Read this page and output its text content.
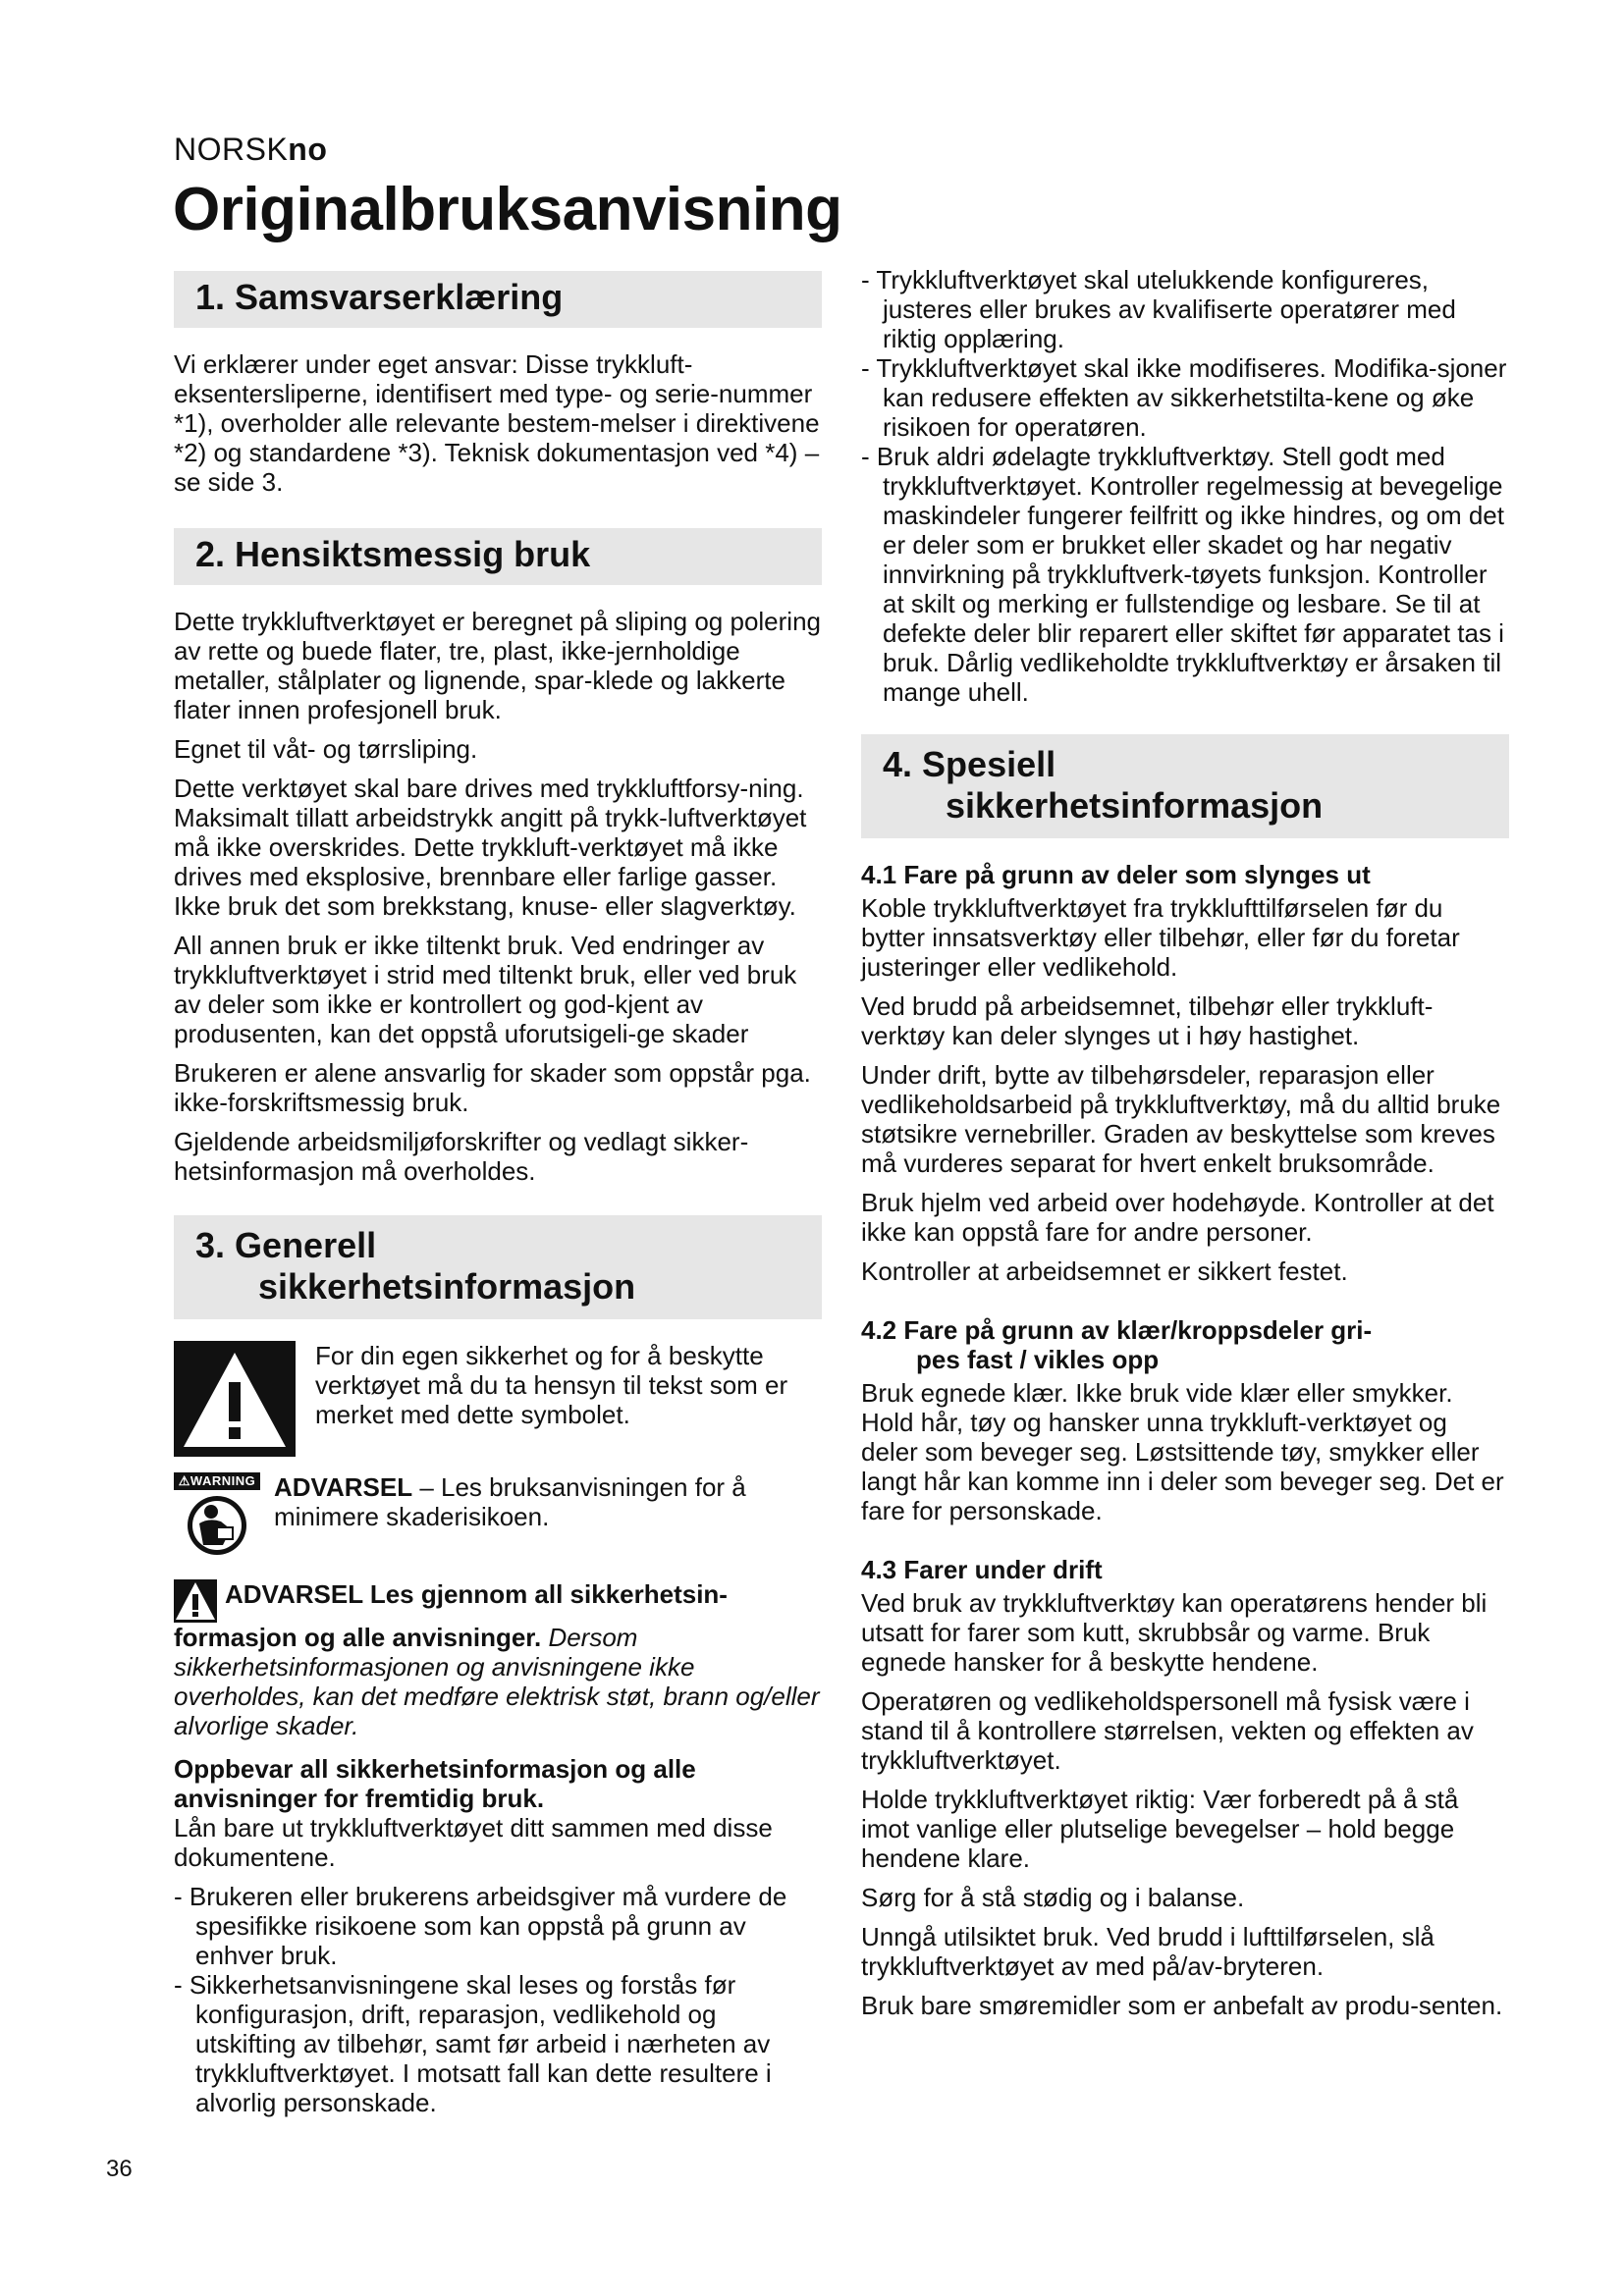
NORSKno
Originalbruksanvisning
1. Samsvarserklæring

Vi erklærer under eget ansvar: Disse trykkluft-eksentersliperne, identifisert med type- og serie-nummer *1), overholder alle relevante bestem-melser i direktivene *2) og standardene *3). Teknisk dokumentasjon ved *4) – se side 3.

2. Hensiktsmessig bruk

Dette trykkluftverktøyet er beregnet på sliping og polering av rette og buede flater, tre, plast, ikke-jernholdige metaller, stålplater og lignende, spar-klede og lakkerte flater innen profesjonell bruk.

Egnet til våt- og tørrsliping.

Dette verktøyet skal bare drives med trykkluftforsy-ning. Maksimalt tillatt arbeidstrykk angitt på trykk-luftverktøyet må ikke overskrides. Dette trykkluft-verktøyet må ikke drives med eksplosive, brennbare eller farlige gasser. Ikke bruk det som brekkstang, knuse- eller slagverktøy.

All annen bruk er ikke tiltenkt bruk. Ved endringer av trykkluftverktøyet i strid med tiltenkt bruk, eller ved bruk av deler som ikke er kontrollert og god-kjent av produsenten, kan det oppstå uforutsigeli-ge skader

Brukeren er alene ansvarlig for skader som oppstår pga. ikke-forskriftsmessig bruk.

Gjeldende arbeidsmiljøforskrifter og vedlagt sikker-hetsinformasjon må overholdes.

3. Generell
sikkerhetsinformasjon

For din egen sikkerhet og for å beskytte verktøyet må du ta hensyn til tekst som er merket med dette symbolet.

⚠WARNING ADVARSEL – Les bruksanvisningen for å minimere skaderisikoen.

ADVARSEL Les gjennom all sikkerhetsin-formasjon og alle anvisninger. Dersom sikkerhetsinformasjonen og anvisningene ikke overholdes, kan det medføre elektrisk støt, brann og/eller alvorlige skader.

Oppbevar all sikkerhetsinformasjon og alle anvisninger for fremtidig bruk.

Lån bare ut trykkluftverktøyet ditt sammen med disse dokumentene.

- Brukeren eller brukerens arbeidsgiver må vurdere de spesifikke risikoene som kan oppstå på grunn av enhver bruk.
- Sikkerhetsanvisningene skal leses og forstås før konfigurasjon, drift, reparasjon, vedlikehold og utskifting av tilbehør, samt før arbeid i nærheten av trykkluftverktøyet. I motsatt fall kan dette resultere i alvorlig personskade.
- Trykkluftverktøyet skal utelukkende konfigureres, justeres eller brukes av kvalifiserte operatører med riktig opplæring.
- Trykkluftverktøyet skal ikke modifiseres. Modifika-sjoner kan redusere effekten av sikkerhetstilta-kene og øke risikoen for operatøren.
- Bruk aldri ødelagte trykkluftverktøy. Stell godt med trykkluftverktøyet. Kontroller regelmessig at bevegelige maskindeler fungerer feilfritt og ikke hindres, og om det er deler som er brukket eller skadet og har negativ innvirkning på trykkluftverk-tøyets funksjon. Kontroller at skilt og merking er fullstendige og lesbare. Se til at defekte deler blir reparert eller skiftet før apparatet tas i bruk. Dårlig vedlikeholdte trykkluftverktøy er årsaken til mange uhell.
4. Spesiell
sikkerhetsinformasjon
4.1 Fare på grunn av deler som slynges ut

Koble trykkluftverktøyet fra trykklufttilførselen før du bytter innsatsverktøy eller tilbehør, eller før du foretar justeringer eller vedlikehold.

Ved brudd på arbeidsemnet, tilbehør eller trykkluft-verktøy kan deler slynges ut i høy hastighet.

Under drift, bytte av tilbehørsdeler, reparasjon eller vedlikeholdsarbeid på trykkluftverktøy, må du alltid bruke støtsikre vernebriller. Graden av beskyttelse som kreves må vurderes separat for hvert enkelt bruksområde.

Bruk hjelm ved arbeid over hodehøyde. Kontroller at det ikke kan oppstå fare for andre personer.

Kontroller at arbeidsemnet er sikkert festet.

4.2 Fare på grunn av klær/kroppsdeler gri-
pes fast / vikles opp

Bruk egnede klær. Ikke bruk vide klær eller smykker. Hold hår, tøy og hansker unna trykkluft-verktøyet og deler som beveger seg. Løstsittende tøy, smykker eller langt hår kan komme inn i deler som beveger seg. Det er fare for personskade.

4.3 Farer under drift

Ved bruk av trykkluftverktøy kan operatørens hender bli utsatt for farer som kutt, skrubbsår og varme. Bruk egnede hansker for å beskytte hendene.

Operatøren og vedlikeholdspersonell må fysisk være i stand til å kontrollere størrelsen, vekten og effekten av trykkluftverktøyet.

Holde trykkluftverktøyet riktig: Vær forberedt på å stå imot vanlige eller plutselige bevegelser – hold begge hendene klare.

Sørg for å stå stødig og i balanse.

Unngå utilsiktet bruk. Ved brudd i lufttilførselen, slå trykkluftverktøyet av med på/av-bryteren.

Bruk bare smøremidler som er anbefalt av produ-senten.

36
